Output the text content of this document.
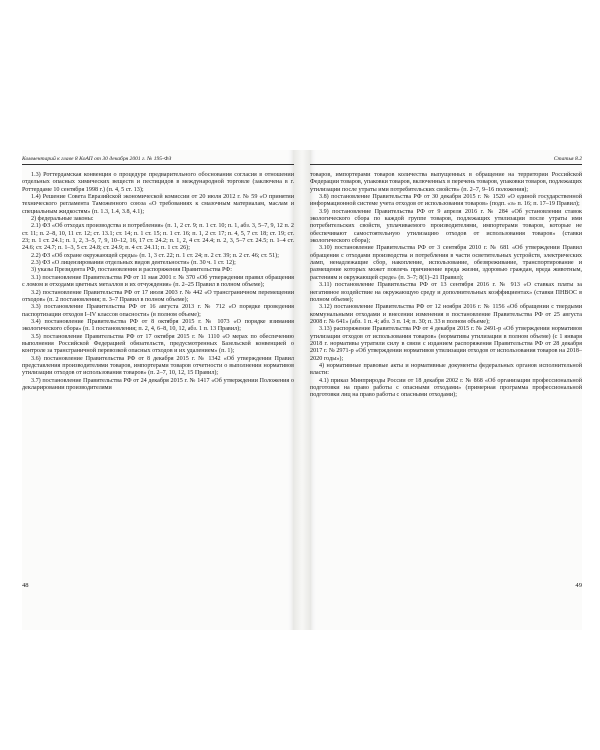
Комментарий к главе 8 КоАП от 30 декабря 2001 г. № 195-ФЗ

1.3) Роттердамская конвенция о процедуре предварительного обоснования согласия в отношении отдельных опасных химических веществ и пестицидов в международной торговле (заключена в г. Роттердаме 10 сентября 1998 г.) (п. 4, 5 ст. 13);

1.4) Решение Совета Евразийской экономической комиссии от 20 июля 2012 г. № 59 «О принятии технического регламента Таможенного союза «О требованиях к смазочным материалам, маслам и специальным жидкостям» (п. 1.3, 1.4, 3.8, 4.1);

2) федеральные законы:

2.1) ФЗ «Об отходах производства и потребления» (п. 1, 2 ст. 9; п. 1 ст. 10; п. 1, абз. 3, 5–7, 9, 12 п. 2 ст. 11; п. 2–8, 10, 11 ст. 12; ст. 13.1; ст. 14; п. 1 ст. 15; п. 1 ст. 16; п. 1, 2 ст. 17; п. 4, 5, 7 ст. 18; ст. 19; ст. 23; п. 1 ст. 24.1; п. 1, 2, 3–5, 7, 9, 10–12, 16, 17 ст. 24.2; п. 1, 2, 4 ст. 24.4; п. 2, 3, 5–7 ст. 24.5; п. 1–4 ст. 24.6; ст. 24.7; п. 1–3, 5 ст. 24.8; ст. 24.9; п. 4 ст. 24.11; п. 1 ст. 26);

2.2) ФЗ «Об охране окружающей среды» (п. 1, 3 ст. 22; п. 1 ст. 24; п. 2 ст. 39; п. 2 ст. 46; ст. 51);

2.3) ФЗ «О лицензировании отдельных видов деятельности» (п. 30 ч. 1 ст. 12);

3) указы Президента РФ, постановления и распоряжения Правительства РФ:

3.1) постановление Правительства РФ от 11 мая 2001 г. № 370 «Об утверждении правил обращения с ломом и отходами цветных металлов и их отчуждения» (п. 2–25 Правил в полном объеме);

3.2) постановление Правительства РФ от 17 июля 2003 г. № 442 «О трансграничном перемещении отходов» (п. 2 постановления; п. 3–7 Правил в полном объеме);

3.3) постановление Правительства РФ от 16 августа 2013 г. № 712 «О порядке проведения паспортизации отходов I–IV классов опасности» (в полном объеме);

3.4) постановление Правительства РФ от 8 октября 2015 г. № 1073 «О порядке взимания экологического сбора» (п. 1 постановления; п. 2, 4, 6–8, 10, 12, абз. 1 п. 13 Правил);

3.5) постановление Правительства РФ от 17 октября 2015 г. № 1110 «О мерах по обеспечению выполнения Российской Федерацией обязательств, предусмотренных Базельской конвенцией о контроле за трансграничной перевозкой опасных отходов и их удалением» (п. 1);

3.6) постановление Правительства РФ от 8 декабря 2015 г. № 1342 «Об утверждении Правил представления производителями товаров, импортерами товаров отчетности о выполнении нормативов утилизации отходов от использования товаров» (п. 2–7, 10, 12, 15 Правил);

3.7) постановление Правительства РФ от 24 декабря 2015 г. № 1417 «Об утверждении Положения о декларировании производителями

48
Статья 8.2

товаров, импортерами товаров количества выпущенных в обращение на территории Российской Федерации товаров, упаковки товаров, включенных в перечень товаров, упаковки товаров, подлежащих утилизации после утраты ими потребительских свойств» (п. 2–7, 9–16 положения);

3.8) постановление Правительства РФ от 30 декабря 2015 г. № 1520 «О единой государственной информационной системе учета отходов от использования товаров» (подп. «з» п. 16; п. 17–19 Правил);

3.9) постановление Правительства РФ от 9 апреля 2016 г. № 284 «Об установлении ставок экологического сбора по каждой группе товаров, подлежащих утилизации после утраты ими потребительских свойств, уплачиваемого производителями, импортерами товаров, которые не обеспечивают самостоятельную утилизацию отходов от использования товаров» (ставки экологического сбора);

3.10) постановление Правительства РФ от 3 сентября 2010 г. № 681 «Об утверждении Правил обращения с отходами производства и потребления в части осветительных устройств, электрических ламп, ненадлежащие сбор, накопление, использование, обезвреживание, транспортирование и размещение которых может повлечь причинение вреда жизни, здоровью граждан, вреда животным, растениям и окружающей среде» (п. 3–7; 8(1)–21 Правил);

3.11) постановление Правительства РФ от 13 сентября 2016 г. № 913 «О ставках платы за негативное воздействие на окружающую среду и дополнительных коэффициентах» (ставки ПНВОС в полном объеме);

3.12) постановление Правительства РФ от 12 ноября 2016 г. № 1156 «Об обращении с твердыми коммунальными отходами и внесении изменения в постановление Правительства РФ от 25 августа 2008 г. № 641» (абз. 1 п. 4; абз. 3 п. 14; п. 30; п. 33 в полном объеме);

3.13) распоряжение Правительства РФ от 4 декабря 2015 г. № 2491-р «Об утверждении нормативов утилизации отходов от использования товаров» (нормативы утилизации в полном объеме) (с 1 января 2018 г. нормативы утратили силу в связи с изданием распоряжения Правительства РФ от 28 декабря 2017 г. № 2971-р «Об утверждении нормативов утилизации отходов от использования товаров на 2018–2020 годы»);

4) нормативные правовые акты и нормативные документы федеральных органов исполнительной власти:

4.1) приказ Минприроды России от 18 декабря 2002 г. № 868 «Об организации профессиональной подготовки на право работы с опасными отходами» (примерная программа профессиональной подготовки лиц на право работы с опасными отходами);

49
